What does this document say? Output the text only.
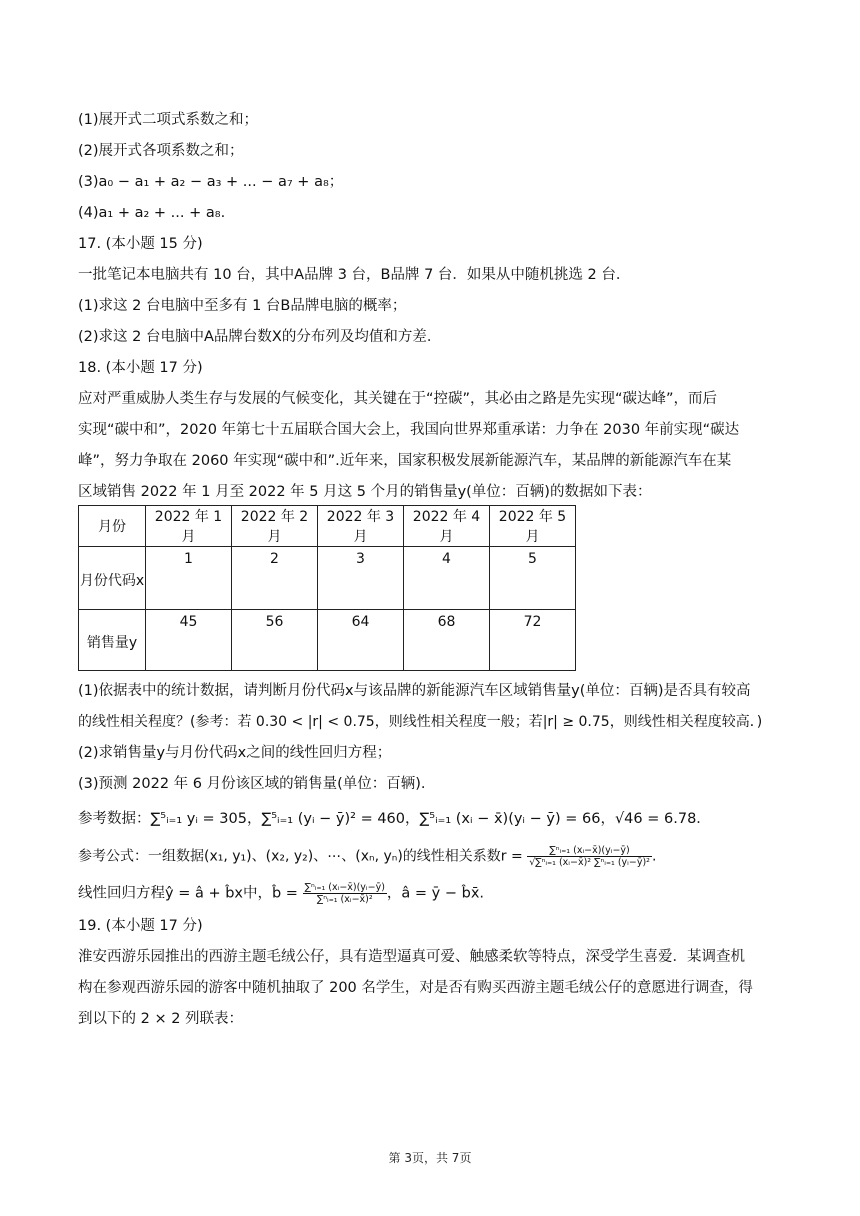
(1)展开式二项式系数之和；

(2)展开式各项系数之和；

(3)a₀ − a₁ + a₂ − a₃ + ... − a₇ + a₈；

(4)a₁ + a₂ + ... + a₈.

17. (本小题 15 分)

一批笔记本电脑共有 10 台，其中A品牌 3 台，B品牌 7 台．如果从中随机挑选 2 台．

(1)求这 2 台电脑中至多有 1 台B品牌电脑的概率；

(2)求这 2 台电脑中A品牌台数X的分布列及均值和方差．

18. (本小题 17 分)

应对严重威胁人类生存与发展的气候变化，其关键在于“控碳”，其必由之路是先实现“碳达峰”，而后

实现“碳中和”，2020 年第七十五届联合国大会上，我国向世界郑重承诺：力争在 2030 年前实现“碳达

峰”，努力争取在 2060 年实现“碳中和”.近年来，国家积极发展新能源汽车，某品牌的新能源汽车在某

区域销售 2022 年 1 月至 2022 年 5 月这 5 个月的销售量y(单位：百辆)的数据如下表：

月份	2022 年 1 月	2022 年 2 月	2022 年 3 月	2022 年 4 月	2022 年 5 月
月份代码x	1	2	3	4	5
销售量y	45	56	64	68	72

(1)依据表中的统计数据，请判断月份代码x与该品牌的新能源汽车区域销售量y(单位：百辆)是否具有较高

的线性相关程度？(参考：若 0.30 < |r| < 0.75，则线性相关程度一般；若|r| ≥ 0.75，则线性相关程度较高．)

(2)求销售量y与月份代码x之间的线性回归方程；

(3)预测 2022 年 6 月份该区域的销售量(单位：百辆).

参考数据：∑⁵ᵢ₌₁ yᵢ = 305，∑⁵ᵢ₌₁ (yᵢ − ȳ)² = 460，∑⁵ᵢ₌₁ (xᵢ − x̄)(yᵢ − ȳ) = 66，√46 = 6.78．

参考公式：一组数据(x₁, y₁)、(x₂, y₂)、⋯、(xₙ, yₙ)的线性相关系数$r = \frac{\text{∑ⁿᵢ₌₁ (xᵢ−x̄)(yᵢ−ȳ)}}{\text{√∑ⁿᵢ₌₁ (xᵢ−x̄)² ∑ⁿᵢ₌₁ (yᵢ−ȳ)²}}$ .

线性回归方程ŷ = â + b̂x中，b̂ = $\frac{\text{∑ⁿᵢ₌₁ (xᵢ−x̄)(yᵢ−ȳ)}}{\text{∑ⁿᵢ₌₁ (xᵢ−x̄)²}}$ ，â = ȳ − b̂x̄.

19. (本小题 17 分)

淮安西游乐园推出的西游主题毛绒公仔，具有造型逼真可爱、触感柔软等特点，深受学生喜爱．某调查机

构在参观西游乐园的游客中随机抽取了 200 名学生，对是否有购买西游主题毛绒公仔的意愿进行调查，得

到以下的 2 × 2 列联表：

第 3页，共 7页
